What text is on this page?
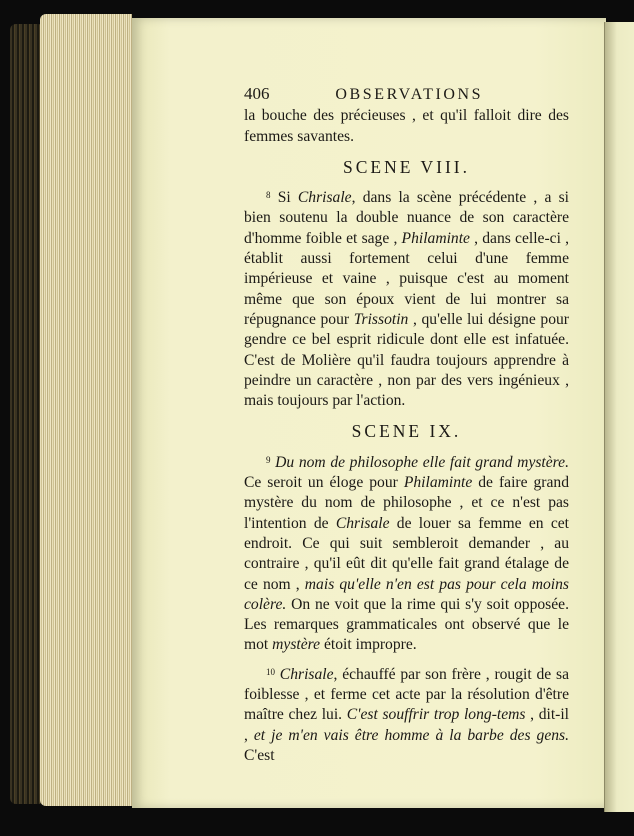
406	OBSERVATIONS

la bouche des précieuses , et qu'il falloit dire des femmes savantes.

SCENE VIII.

$^8$ Si Chrisale, dans la scène précédente , a si bien soutenu la double nuance de son caractère d'homme foible et sage , Philaminte , dans celle-ci , établit aussi fortement celui d'une femme impérieuse et vaine , puisque c'est au moment même que son époux vient de lui montrer sa répugnance pour Trissotin , qu'elle lui désigne pour gendre ce bel esprit ridicule dont elle est infatuée. C'est de Molière qu'il faudra toujours apprendre à peindre un caractère , non par des vers ingénieux , mais toujours par l'action.

SCENE IX.

$^9$ Du nom de philosophe elle fait grand mystère. Ce seroit un éloge pour Philaminte de faire grand mystère du nom de philosophe , et ce n'est pas l'intention de Chrisale de louer sa femme en cet endroit. Ce qui suit sembleroit demander , au contraire , qu'il eût dit qu'elle fait grand étalage de ce nom , mais qu'elle n'en est pas pour cela moins colère. On ne voit que la rime qui s'y soit opposée. Les remarques grammaticales ont observé que le mot mystère étoit impropre.

$^{10}$ Chrisale, échauffé par son frère , rougit de sa foiblesse , et ferme cet acte par la résolution d'être maître chez lui. C'est souffrir trop long-tems , dit-il , et je m'en vais être homme à la barbe des gens. C'est
